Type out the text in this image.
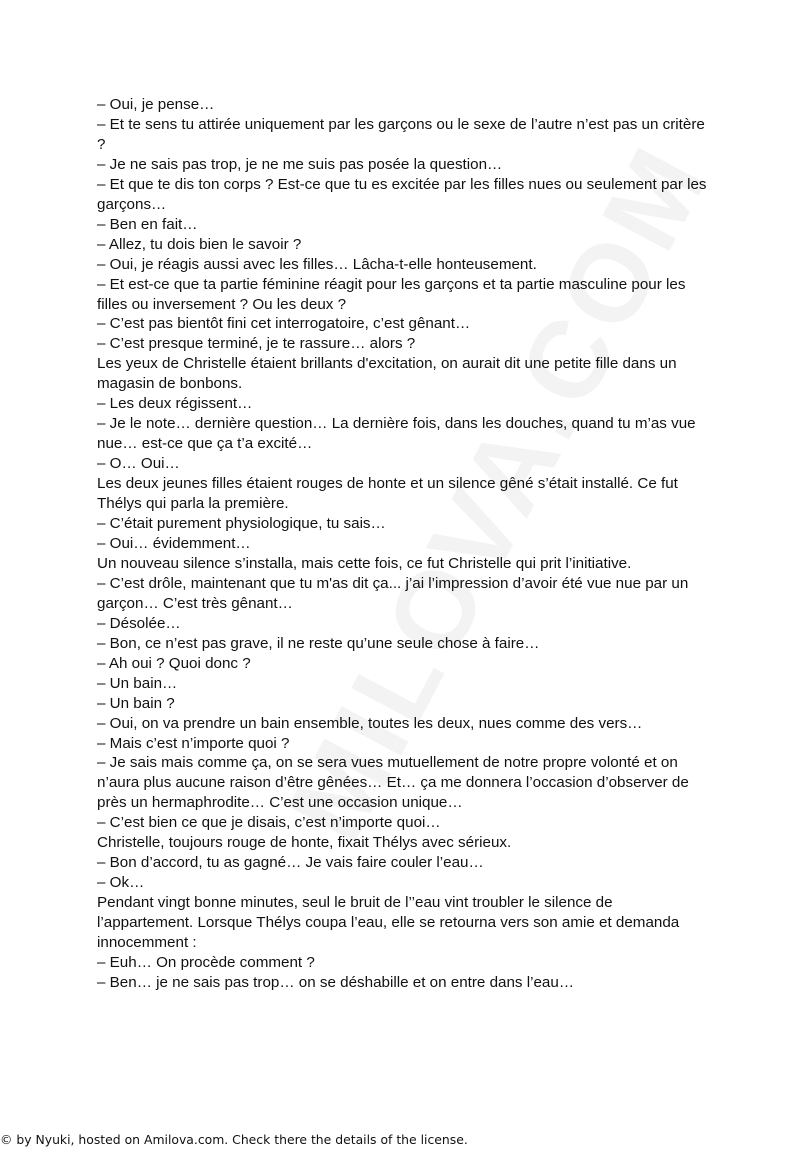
– Oui, je pense…

– Et te sens tu attirée uniquement par les garçons ou le sexe de l’autre n’est pas un critère ?

– Je ne sais pas trop, je ne me suis pas posée la question…

– Et que te dis ton corps ? Est-ce que tu es excitée par les filles nues ou seulement par les garçons…

– Ben en fait…

– Allez, tu dois bien le savoir ?

– Oui, je réagis aussi avec les filles… Lâcha-t-elle honteusement.

– Et est-ce que ta partie féminine réagit pour les garçons et ta partie masculine pour les filles ou inversement ? Ou les deux ?

– C’est pas bientôt fini cet interrogatoire, c’est gênant…

– C’est presque terminé, je te rassure… alors ?

Les yeux de Christelle étaient brillants d'excitation, on aurait dit une petite fille dans un magasin de bonbons.

– Les deux régissent…

– Je le note… dernière question… La dernière fois, dans les douches, quand tu m’as vue nue… est-ce que ça t’a excité…

– O… Oui…

Les deux jeunes filles étaient rouges de honte et un silence gêné s’était installé. Ce fut Thélys qui parla la première.

– C’était purement physiologique, tu sais…

– Oui… évidemment…

Un nouveau silence s’installa, mais cette fois, ce fut Christelle qui prit l’initiative.

– C’est drôle, maintenant que tu m'as dit ça... j’ai l’impression d’avoir été vue nue par un garçon… C’est très gênant…

– Désolée…

– Bon, ce n’est pas grave, il ne reste qu’une seule chose à faire…

– Ah oui ? Quoi donc ?

– Un bain…

– Un bain ?

– Oui, on va prendre un bain ensemble, toutes les deux, nues comme des vers…

– Mais c’est n’importe quoi ?

– Je sais mais comme ça, on se sera vues mutuellement de notre propre volonté et on n’aura plus aucune raison d’être gênées… Et… ça me donnera l’occasion d’observer de près un hermaphrodite… C’est une occasion unique…

– C’est bien ce que je disais, c’est n’importe quoi…

Christelle, toujours rouge de honte, fixait Thélys avec sérieux.

– Bon d’accord, tu as gagné… Je vais faire couler l’eau…

– Ok…

Pendant vingt bonne minutes, seul le bruit de l’’eau vint troubler le silence de l’appartement. Lorsque Thélys coupa l’eau, elle se retourna vers son amie et demanda innocemment :

– Euh… On procède comment ?

– Ben… je ne sais pas trop… on se déshabille et on entre dans l’eau…

© by Nyuki, hosted on Amilova.com. Check there the details of the license.
